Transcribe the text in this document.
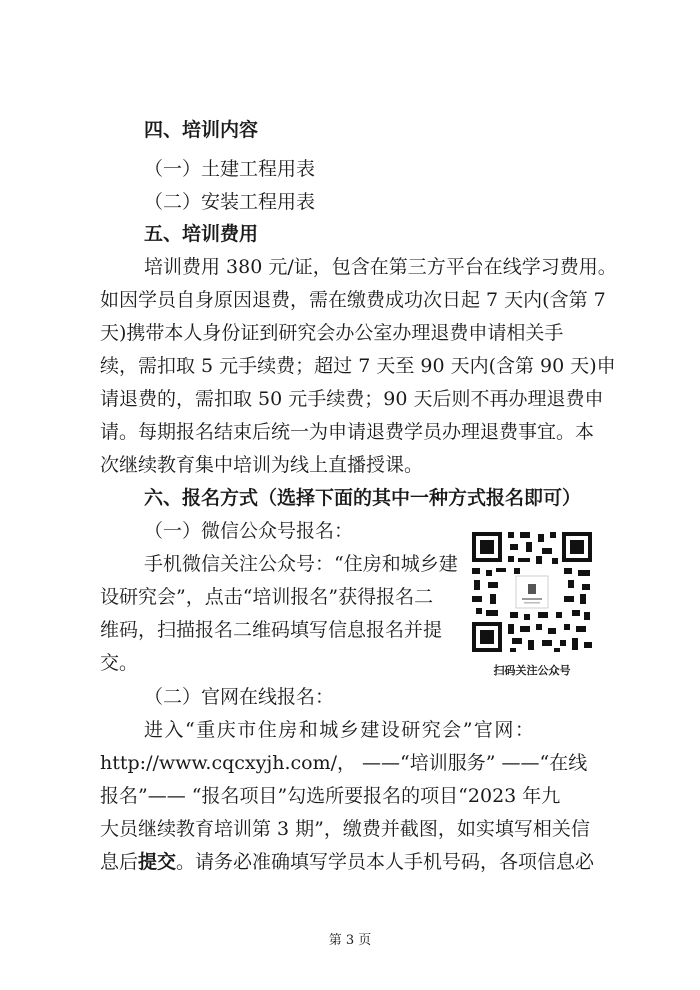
四、培训内容
（一）土建工程用表
（二）安装工程用表
五、培训费用
培训费用 380 元/证，包含在第三方平台在线学习费用。
如因学员自身原因退费，需在缴费成功次日起 7 天内(含第 7
天)携带本人身份证到研究会办公室办理退费申请相关手
续，需扣取 5 元手续费；超过 7 天至 90 天内(含第 90 天)申
请退费的，需扣取 50 元手续费；90 天后则不再办理退费申
请。每期报名结束后统一为申请退费学员办理退费事宜。本
次继续教育集中培训为线上直播授课。
六、报名方式（选择下面的其中一种方式报名即可）
（一）微信公众号报名：
手机微信关注公众号：“住房和城乡建
设研究会”，点击“培训报名”获得报名二
维码，扫描报名二维码填写信息报名并提
交。	扫码关注公众号
（二）官网在线报名：
进入“重庆市住房和城乡建设研究会”官网：
http://www.cqcxyjh.com/， ——“培训服务” ——“在线
报名”—— “报名项目”勾选所要报名的项目“2023 年九
大员继续教育培训第 3 期”，缴费并截图，如实填写相关信
息后提交。请务必准确填写学员本人手机号码，各项信息必
第 3 页
